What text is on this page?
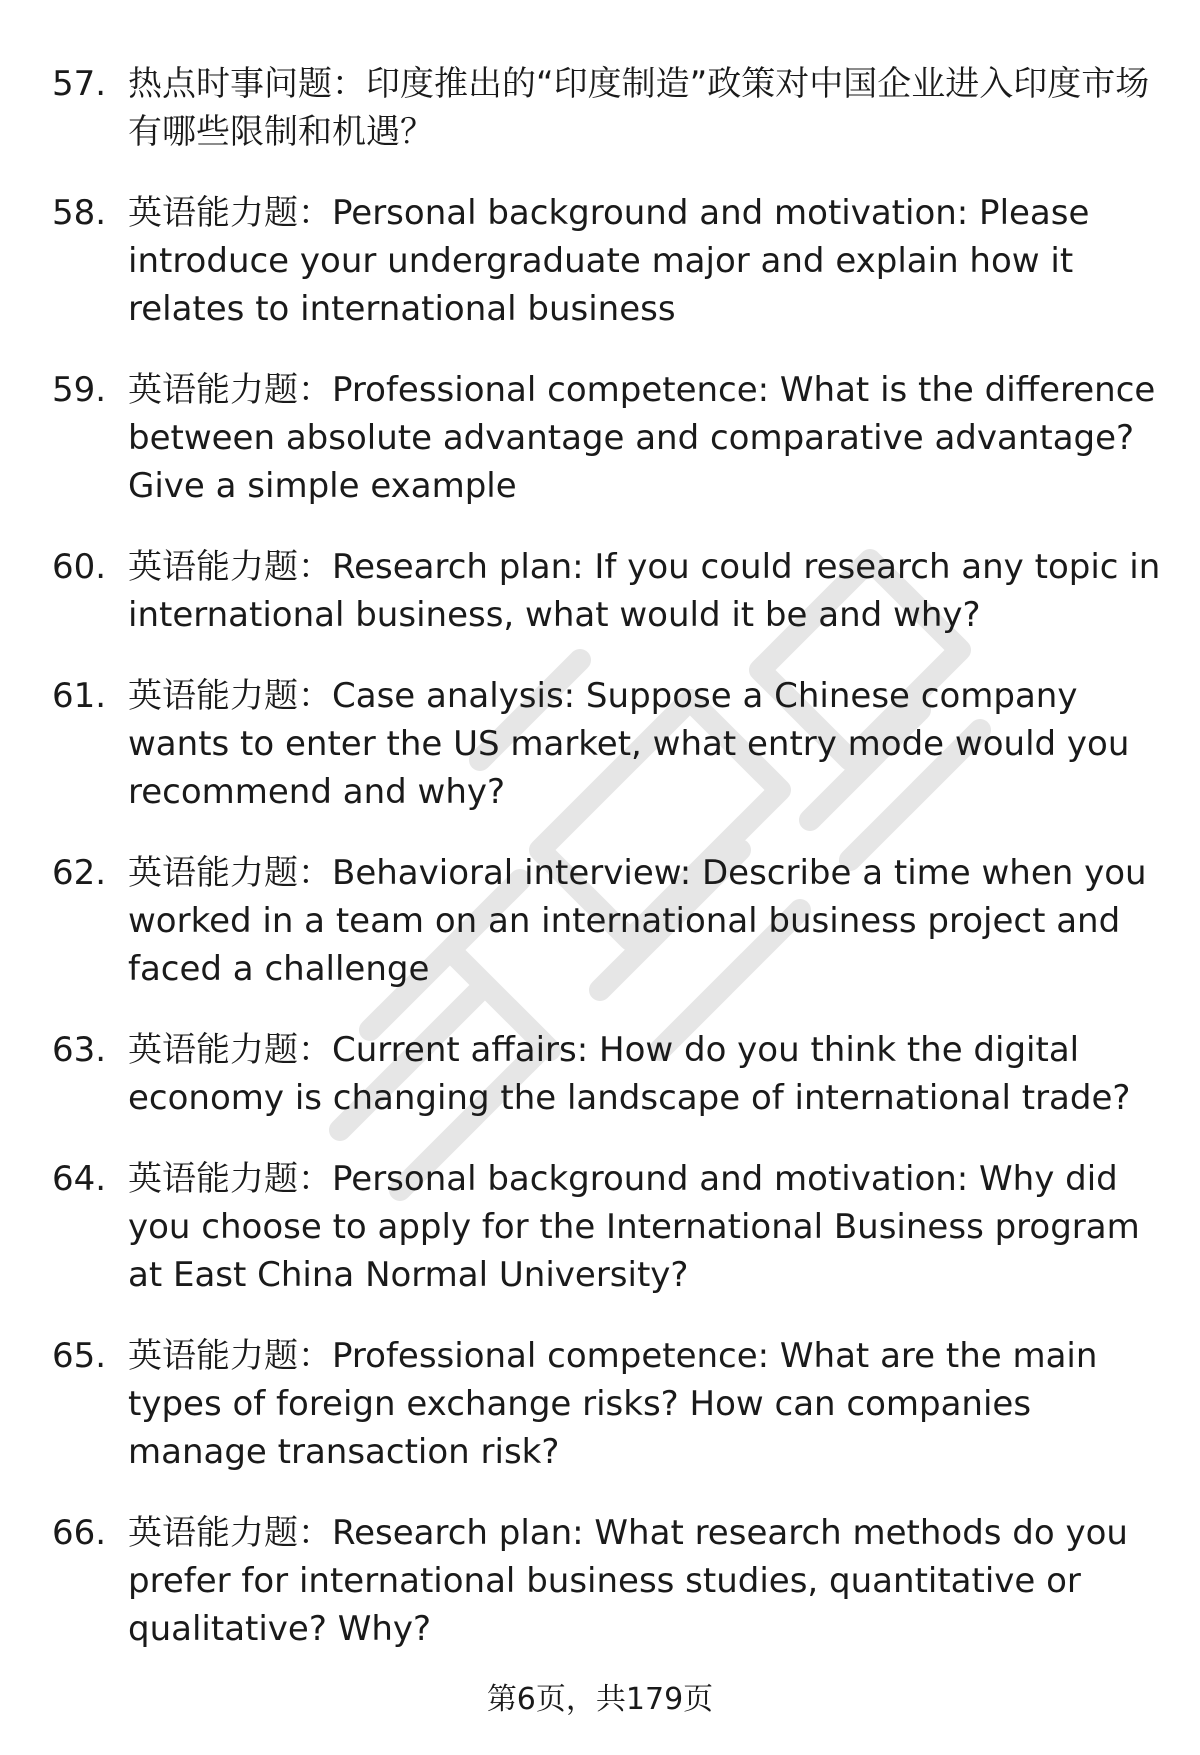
57. 热点时事问题：印度推出的“印度制造”政策对中国企业进入印度市场有哪些限制和机遇？
58. 英语能力题：Personal background and motivation: Please introduce your undergraduate major and explain how it relates to international business
59. 英语能力题：Professional competence: What is the difference between absolute advantage and comparative advantage? Give a simple example
60. 英语能力题：Research plan: If you could research any topic in international business, what would it be and why?
61. 英语能力题：Case analysis: Suppose a Chinese company wants to enter the US market, what entry mode would you recommend and why?
62. 英语能力题：Behavioral interview: Describe a time when you worked in a team on an international business project and faced a challenge
63. 英语能力题：Current affairs: How do you think the digital economy is changing the landscape of international trade?
64. 英语能力题：Personal background and motivation: Why did you choose to apply for the International Business program at East China Normal University?
65. 英语能力题：Professional competence: What are the main types of foreign exchange risks? How can companies manage transaction risk?
66. 英语能力题：Research plan: What research methods do you prefer for international business studies, quantitative or qualitative? Why?
第6页，共179页
